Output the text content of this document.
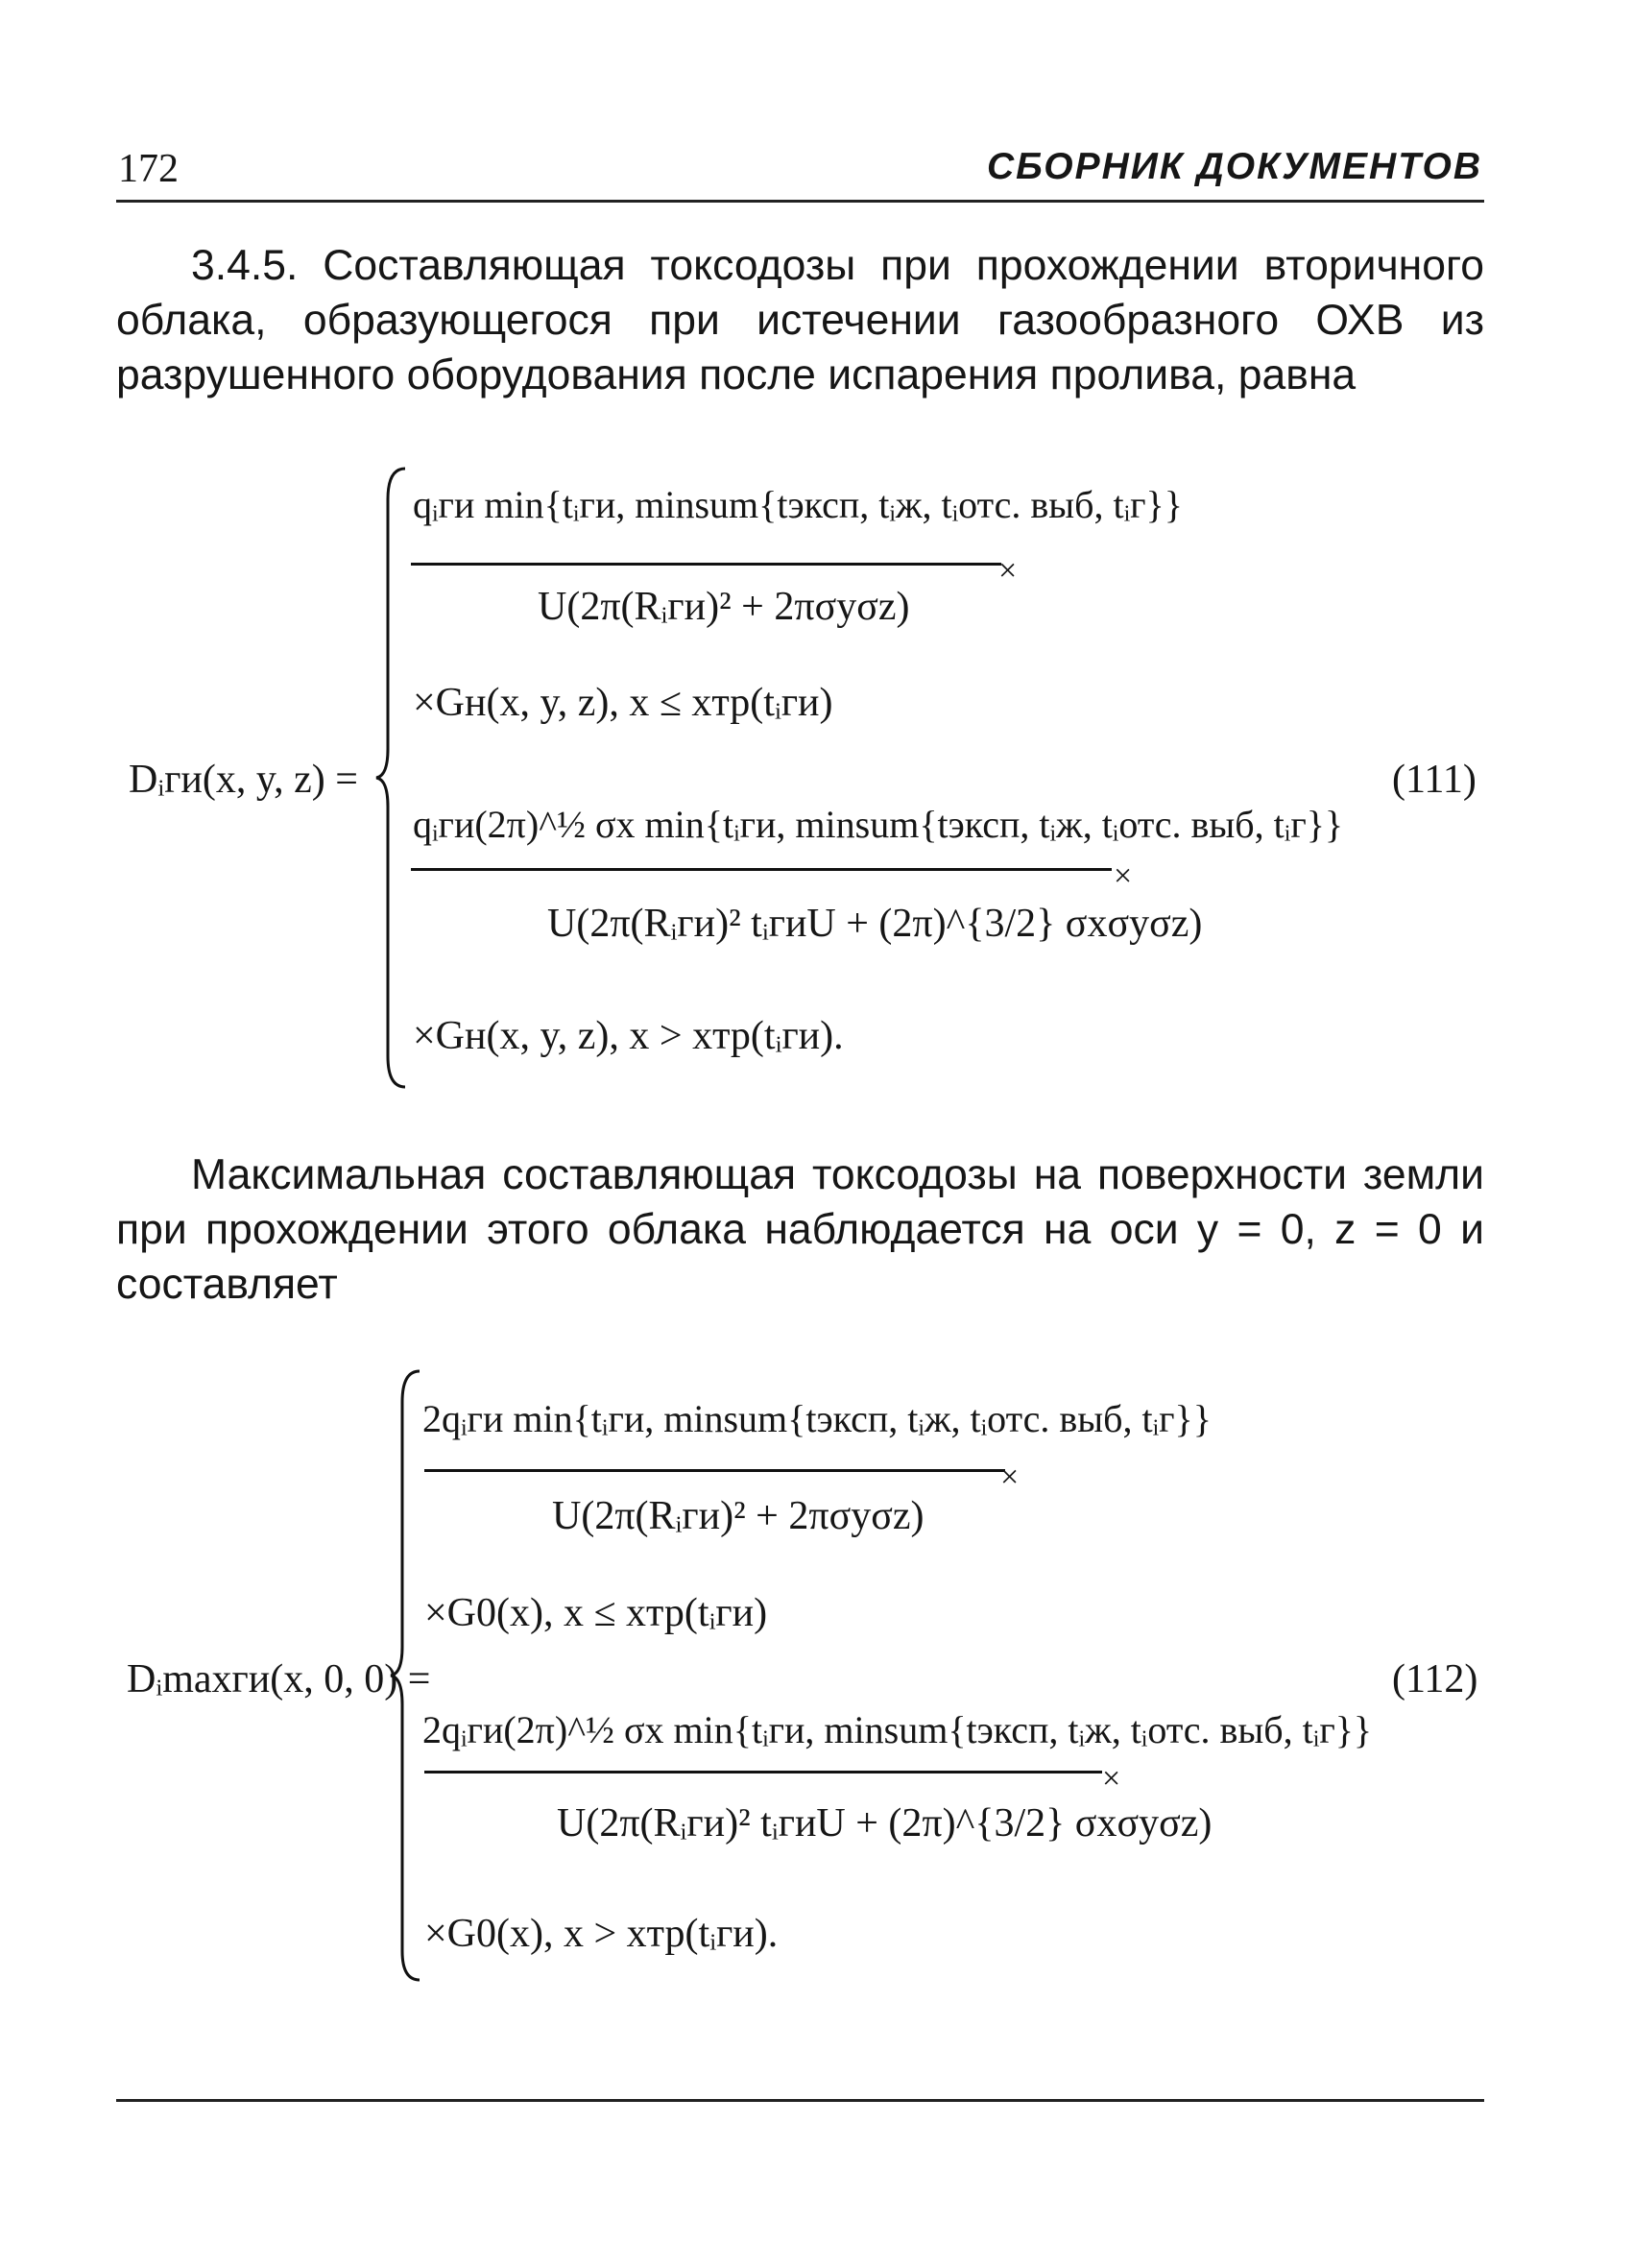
172	СБОРНИК ДОКУМЕНТОВ

3.4.5. Составляющая токсодозы при прохождении вторичного облака, образующегося при истечении газообразного ОХВ из разрушенного оборудования после испарения пролива, равна

Dᵢги(x, y, z) =
qᵢги min{tᵢги, minsum{tэксп, tᵢж, tᵢотс. выб, tᵢг}}
×
U(2π(Rᵢги)² + 2πσyσz)
×Gн(x, y, z), x ≤ xтр(tᵢги)
qᵢги(2π)^½ σx min{tᵢги, minsum{tэксп, tᵢж, tᵢотс. выб, tᵢг}}
×
U(2π(Rᵢги)² tᵢгиU + (2π)^{3/2} σxσyσz)
×Gн(x, y, z), x > xтр(tᵢги).
(111)

Максимальная составляющая токсодозы на поверхности земли при прохождении этого облака наблюдается на оси y = 0, z = 0 и составляет

Dᵢmaxги(x, 0, 0) =
2qᵢги min{tᵢги, minsum{tэксп, tᵢж, tᵢотс. выб, tᵢг}}
×
U(2π(Rᵢги)² + 2πσyσz)
×G0(x), x ≤ xтр(tᵢги)
2qᵢги(2π)^½ σx min{tᵢги, minsum{tэксп, tᵢж, tᵢотс. выб, tᵢг}}
×
U(2π(Rᵢги)² tᵢгиU + (2π)^{3/2} σxσyσz)
×G0(x), x > xтр(tᵢги).
(112)
